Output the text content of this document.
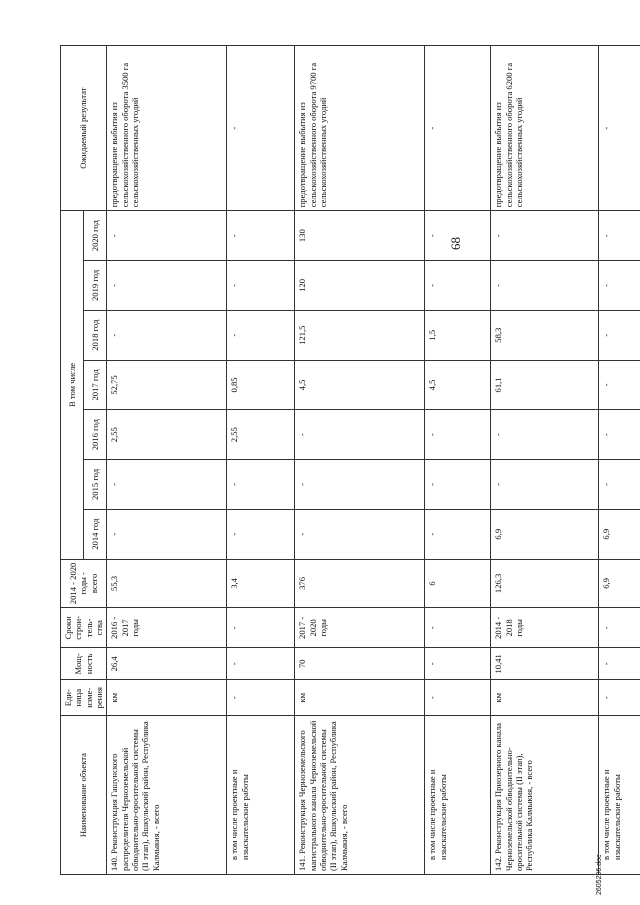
68
Наименование объекта	Еди-ница изме-рения	Мощ-ность	Сроки строи-тель-ства	2014 - 2020 годы - всего	В том числе							Ожидаемый результат
					2014 год	2015 год	2016 год	2017 год	2018 год	2019 год	2020 год	
140. Реконструкция Гашунского распределителя Черноземельской обводнительно-оросительной системы (II этап), Яшкульский район, Республика Калмыкия, - всего	км	26,4	2016 - 2017 годы	55,3	-	-	2,55	52,75	-	-	-	предотвращение выбытия из сельскохозяйственного оборота 3500 га сельскохозяйственных угодий
в том числе проектные и изыскательские работы	-	-	-	3,4	-	-	2,55	0,85	-	-	-	-
141. Реконструкция Черноземельского магистрального канала Черноземельской обводнительно-оросительной системы (II этап), Яшкульский район, Республика Калмыкия, - всего	км	70	2017 - 2020 годы	376	-	-	-	4,5	121,5	120	130	предотвращение выбытия из сельскохозяйственного оборота 9700 га сельскохозяйственных угодий
в том числе проектные и изыскательские работы	-	-	-	6	-	-	-	4,5	1,5	-	-	-
142. Реконструкция Приозерного канала Черноземельской обводнительно-оросительной системы (II этап), Республика Калмыкия, - всего	км	10,41	2014 - 2018 годы	126,3	6,9	-	-	61,1	58,3	-	-	предотвращение выбытия из сельскохозяйственного оборота 6200 га сельскохозяйственных угодий
в том числе проектные и изыскательские работы	-	-	-	6,9	6,9	-	-	-	-	-	-	-
2605296.doc
